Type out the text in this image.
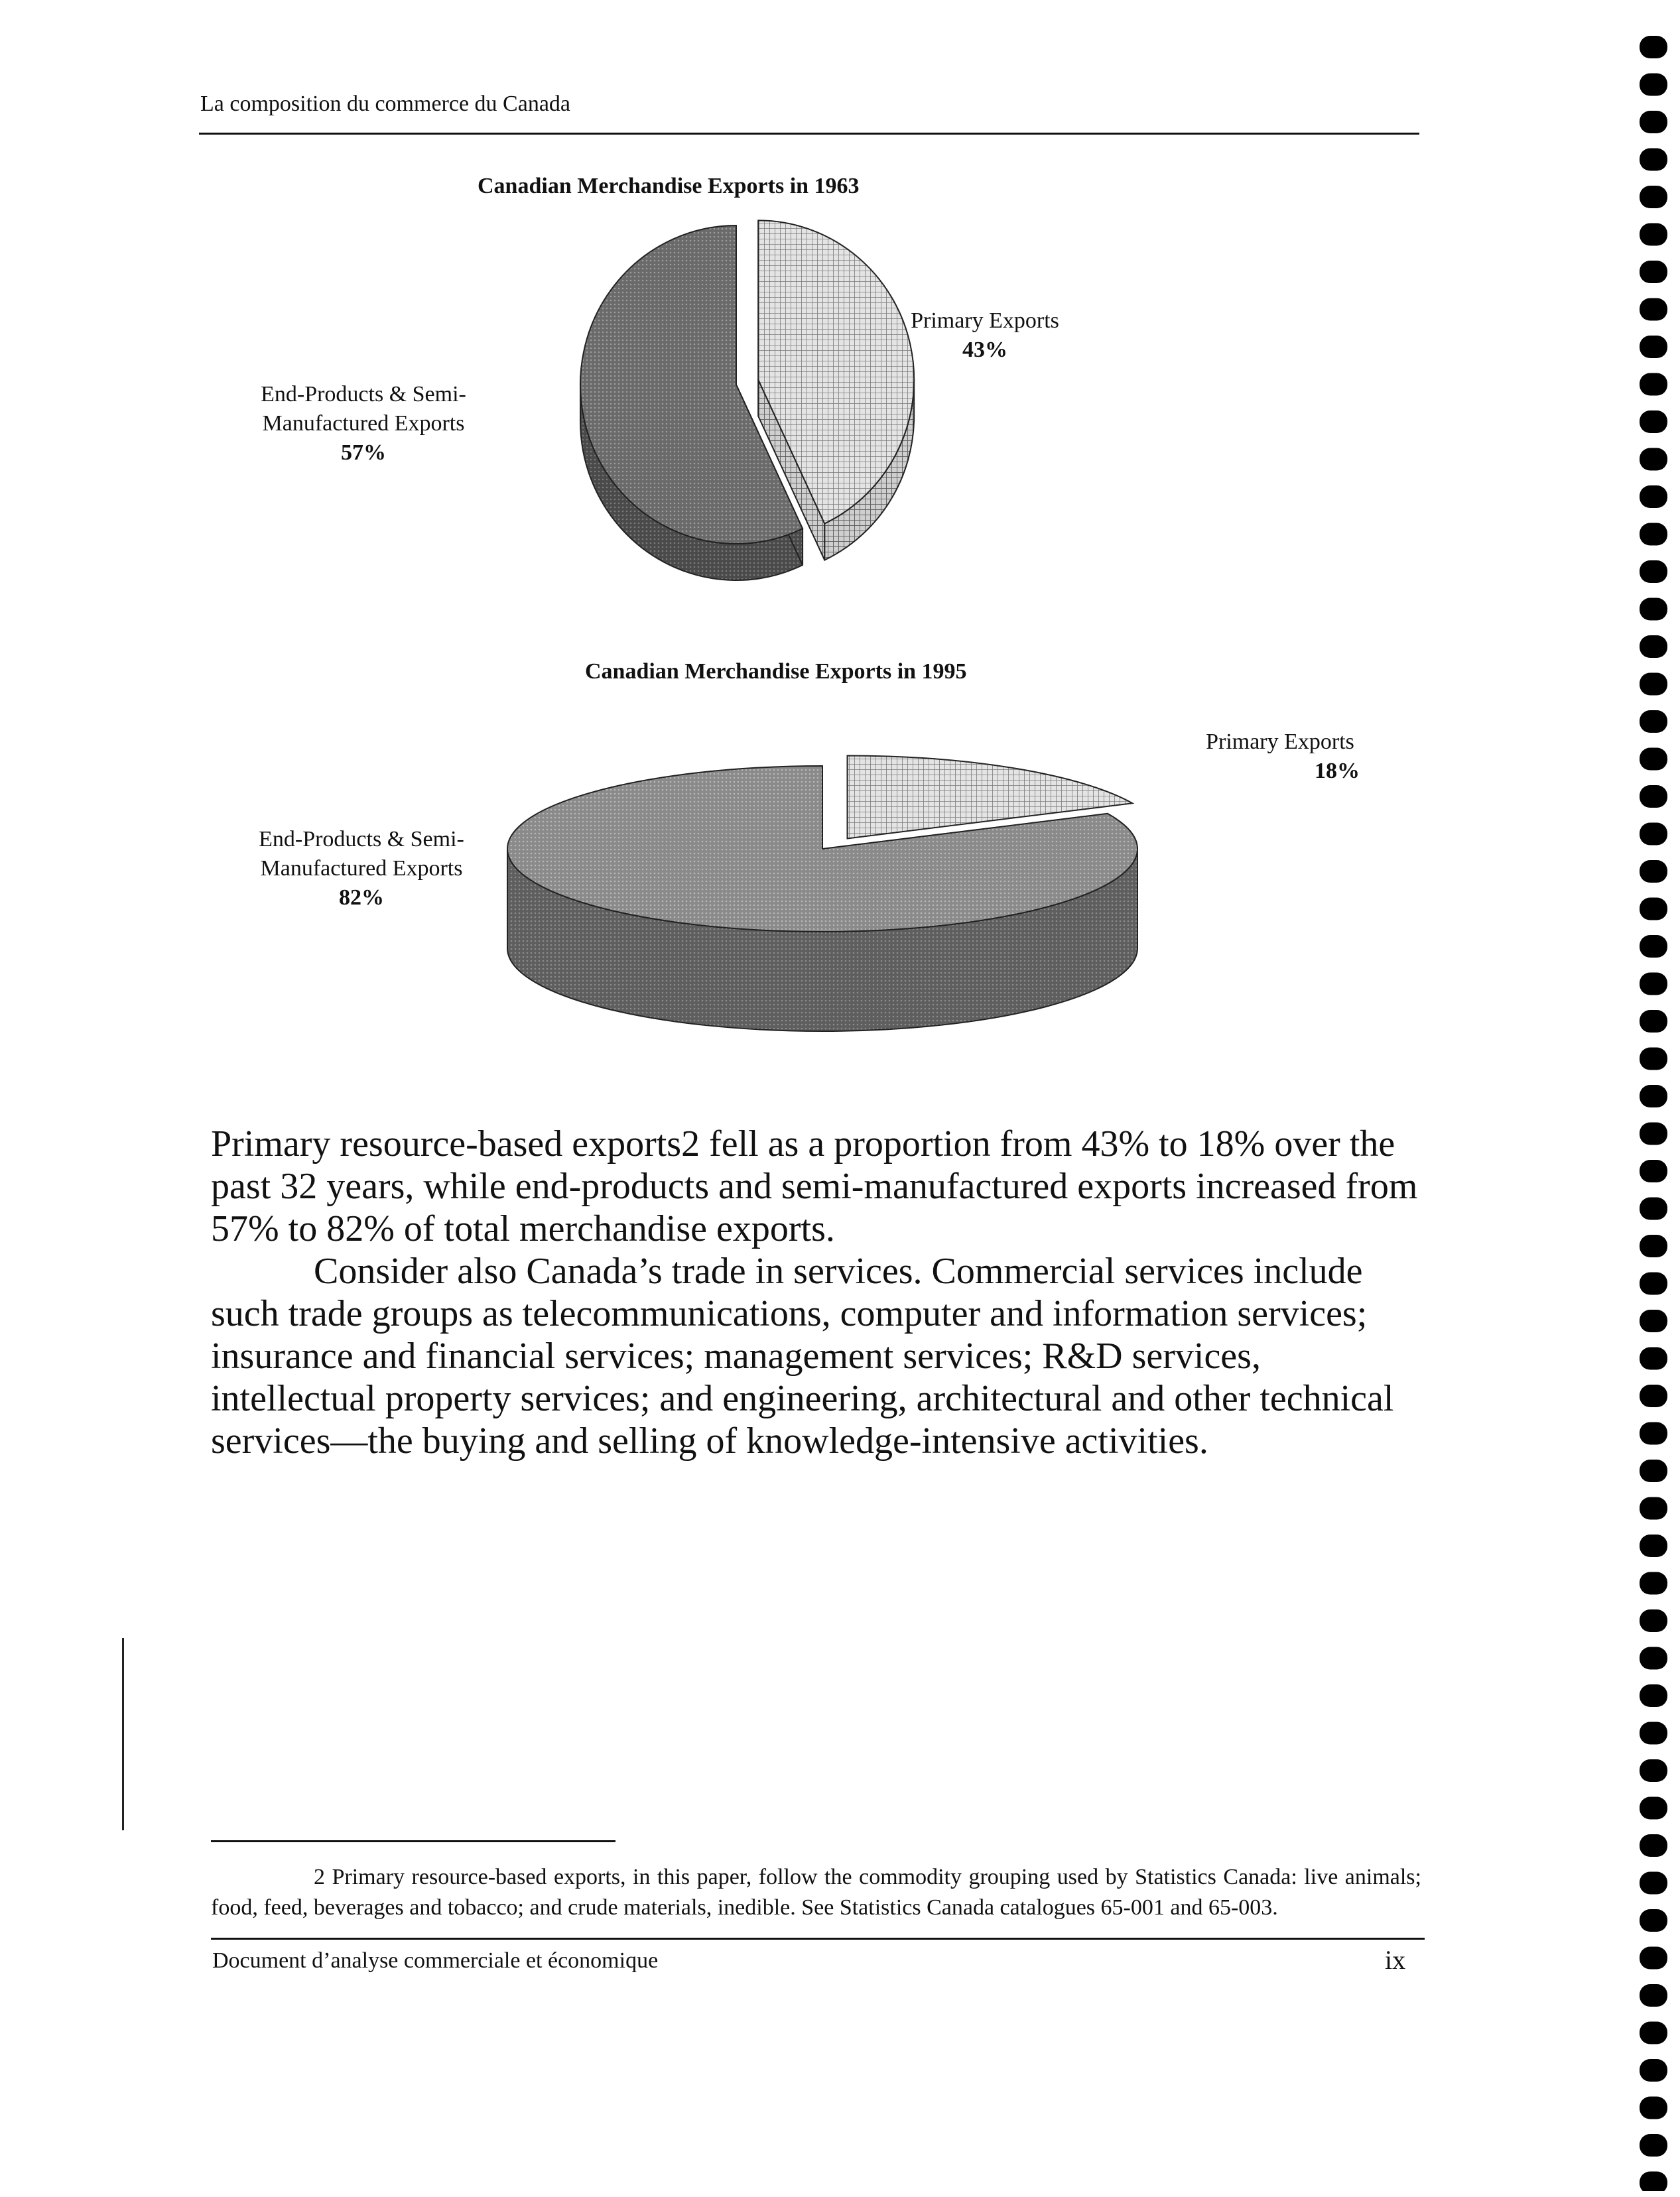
La composition du commerce du Canada
Canadian Merchandise Exports in 1963
Canadian Merchandise Exports in 1995
Primary Exports
43%
End-Products & Semi-
Manufactured Exports
57%
Primary Exports
18%
End-Products & Semi-
Manufactured Exports
82%

Primary resource-based exports2 fell as a proportion from 43% to 18% over the past 32 years, while end-products and semi-manufactured exports increased from 57% to 82% of total merchandise exports.

Consider also Canada’s trade in services. Commercial services include such trade groups as telecommunications, computer and information services; insurance and financial services; management services; R&D services, intellectual property services; and engineering, architectural and other technical services—the buying and selling of knowledge-intensive activities.

2 Primary resource-based exports, in this paper, follow the commodity grouping used by Statistics Canada: live animals; food, feed, beverages and tobacco; and crude materials, inedible. See Statistics Canada catalogues 65-001 and 65-003.
Document d’analyse commerciale et économique	ix
